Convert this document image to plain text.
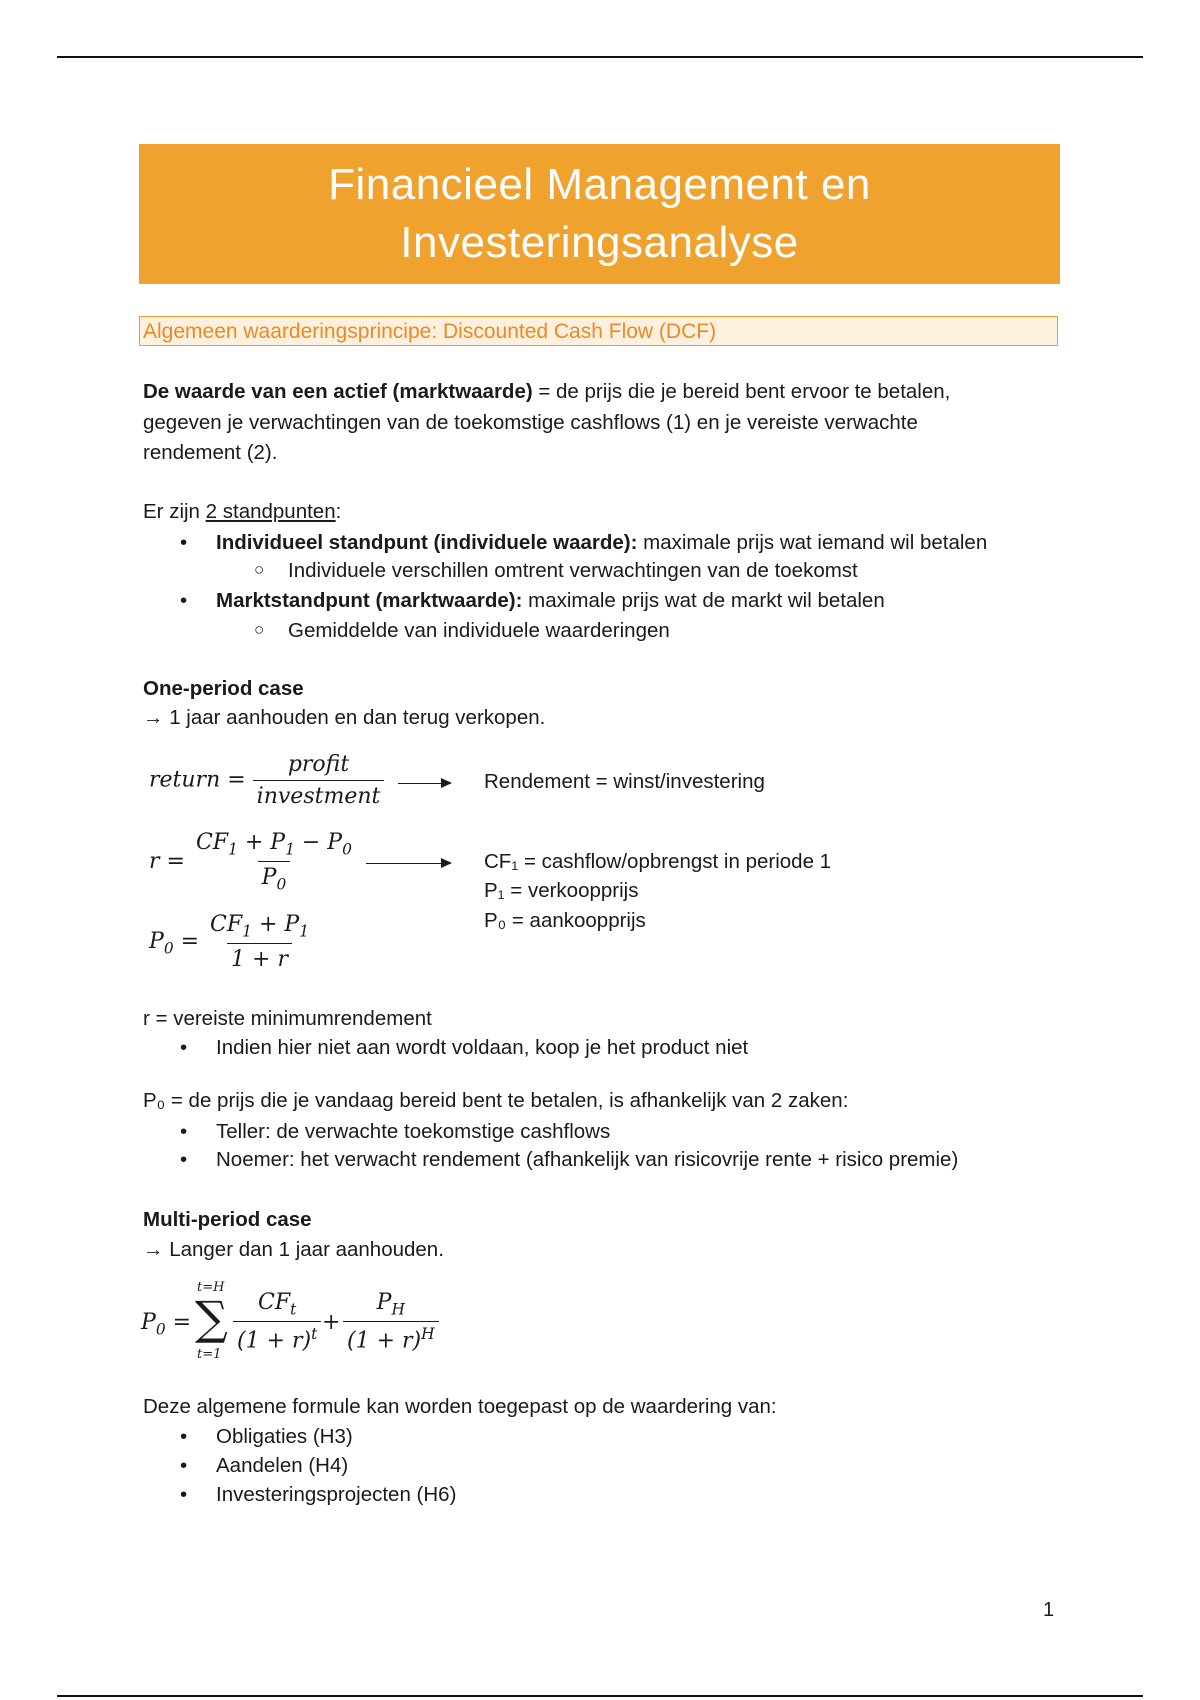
Financieel Management en
Investeringsanalyse
Algemeen waarderingsprincipe: Discounted Cash Flow (DCF)

De waarde van een actief (marktwaarde) = de prijs die je bereid bent ervoor te betalen,

gegeven je verwachtingen van de toekomstige cashflows (1) en je vereiste verwachte

rendement (2).

Er zijn 2 standpunten:

• Individueel standpunt (individuele waarde): maximale prijs wat iemand wil betalen
○ Individuele verschillen omtrent verwachtingen van de toekomst
• Marktstandpunt (marktwaarde): maximale prijs wat de markt wil betalen
○ Gemiddelde van individuele waarderingen

One-period case

→ 1 jaar aanhouden en dan terug verkopen.

return = $\frac{\text{profit}}{\text{investment}}$	Rendement = winst/investering

$r = \frac{CF_1 + P_1 - P_0}{P_0}$	CF₁ = cashflow/opbrengst in periode 1

P₁ = verkoopprijs

P₀ = aankoopprijs

$P_0 = \frac{CF_1 + P_1}{1 + r}$

r = vereiste minimumrendement

• Indien hier niet aan wordt voldaan, koop je het product niet

P₀ = de prijs die je vandaag bereid bent te betalen, is afhankelijk van 2 zaken:

• Teller: de verwachte toekomstige cashflows
• Noemer: het verwacht rendement (afhankelijk van risicovrije rente + risico premie)

Multi-period case

→ Langer dan 1 jaar aanhouden.

$P_0$ =
t=H
∑
t=1
$CF_t$
$(1 + r)^t + \frac{P_H}{(1 + r)^H}$

Deze algemene formule kan worden toegepast op de waardering van:

• Obligaties (H3)
• Aandelen (H4)
• Investeringsprojecten (H6)
1
